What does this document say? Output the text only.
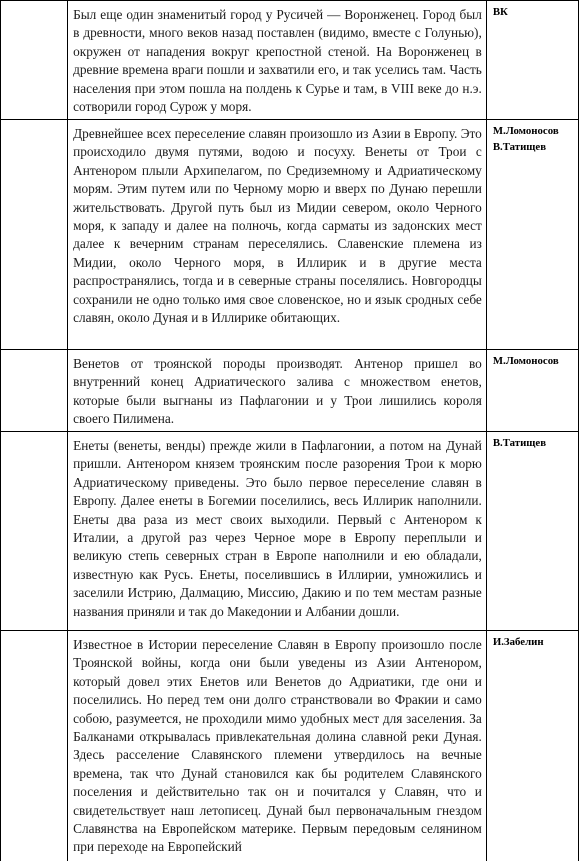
	Был еще один знаменитый город у Русичей — Воронженец. Город был в древности, много веков назад поставлен (видимо, вместе с Голунью), окружен от нападения вокруг крепостной стеной. На Воронженец в древние времена враги пошли и захватили его, и так уселись там. Часть населения при этом пошла на полдень к Сурье и там, в VIII веке до н.э. сотворили город Сурож у моря.	ВК

	Древнейшее всех переселение славян произошло из Азии в Европу. Это происходило двумя путями, водою и посуху. Венеты от Трои с Антенором плыли Архипелагом, по Средиземному и Адриатическому морям. Этим путем или по Черному морю и вверх по Дунаю перешли жительствовать. Другой путь был из Мидии севером, около Черного моря, к западу и далее на полночь, когда сарматы из задонских мест далее к вечерним странам переселялись. Славенские племена из Мидии, около Черного моря, в Иллирик и в другие места распространялись, тогда и в северные страны поселялись. Новгородцы сохранили не одно только имя свое словенское, но и язык сродных себе славян, около Дуная и в Иллирике обитающих.	М.Ломоносов
В.Татищев

	Венетов от троянской породы производят. Антенор пришел во внутренний конец Адриатического залива с множеством енетов, которые были выгнаны из Пафлагонии и у Трои лишились короля своего Пилимена.	М.Ломоносов

	Енеты (венеты, венды) прежде жили в Пафлагонии, а потом на Дунай пришли. Антенором князем троянским после разорения Трои к морю Адриатическому приведены. Это было первое переселение славян в Европу. Далее енеты в Богемии поселились, весь Иллирик наполнили. Енеты два раза из мест своих выходили. Первый с Антенором к Италии, а другой раз через Черное море в Европу переплыли и великую степь северных стран в Европе наполнили и ею обладали, известную как Русь. Енеты, поселившись в Иллирии, умножились и заселили Истрию, Далмацию, Миссию, Дакию и по тем местам разные названия приняли и так до Македонии и Албании дошли.	В.Татищев

	Известное в Истории переселение Славян в Европу произошло после Троянской войны, когда они были уведены из Азии Антенором, который довел этих Енетов или Венетов до Адриатики, где они и поселились. Но перед тем они долго странствовали во Фракии и само собою, разумеется, не проходили мимо удобных мест для заселения. За Балканами открывалась привлекательная долина славной реки Дуная. Здесь расселение Славянского племени утвердилось на вечные времена, так что Дунай становился как бы родителем Славянского поселения и действительно так он и почитался у Славян, что и свидетельствует наш летописец. Дунай был первоначальным гнездом Славянства на Европейском материке. Первым передовым селянином при переходе на Европейский	И.Забелин
